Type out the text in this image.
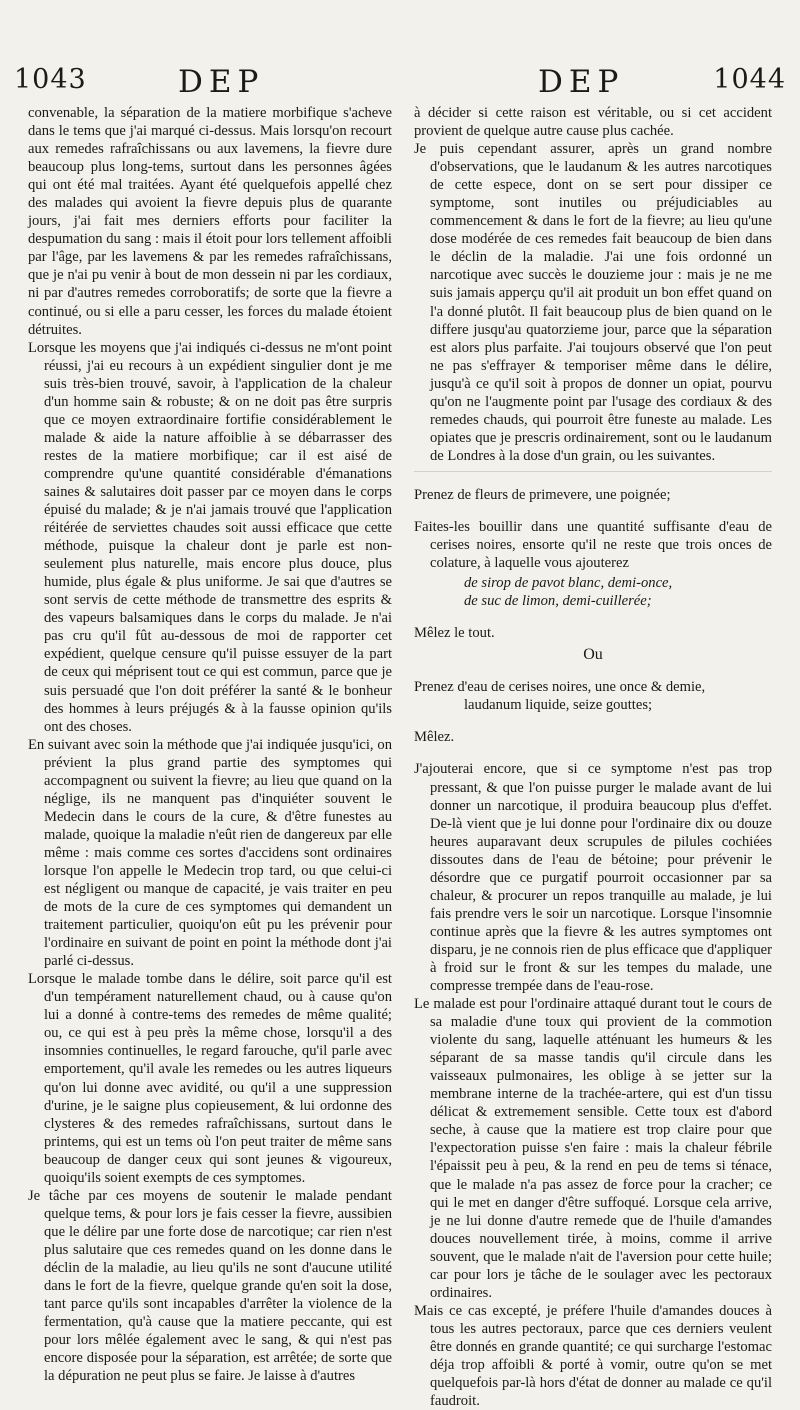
1043	DEP	DEP	1044

convenable, la séparation de la matiere morbifique s'acheve dans le tems que j'ai marqué ci-dessus. Mais lorsqu'on recourt aux remedes rafraîchissans ou aux lavemens, la fievre dure beaucoup plus long-tems, surtout dans les personnes âgées qui ont été mal traitées. Ayant été quelquefois appellé chez des malades qui avoient la fievre depuis plus de quarante jours, j'ai fait mes derniers efforts pour faciliter la despumation du sang : mais il étoit pour lors tellement affoibli par l'âge, par les lavemens & par les remedes rafraîchissans, que je n'ai pu venir à bout de mon dessein ni par les cordiaux, ni par d'autres remedes corroboratifs; de sorte que la fievre a continué, ou si elle a paru cesser, les forces du malade étoient détruites.

Lorsque les moyens que j'ai indiqués ci-dessus ne m'ont point réussi, j'ai eu recours à un expédient singulier dont je me suis très-bien trouvé, savoir, à l'application de la chaleur d'un homme sain & robuste; & on ne doit pas être surpris que ce moyen extraordinaire fortifie considérablement le malade & aide la nature affoiblie à se débarrasser des restes de la matiere morbifique; car il est aisé de comprendre qu'une quantité considérable d'émanations saines & salutaires doit passer par ce moyen dans le corps épuisé du malade; & je n'ai jamais trouvé que l'application réitérée de serviettes chaudes soit aussi efficace que cette méthode, puisque la chaleur dont je parle est non-seulement plus naturelle, mais encore plus douce, plus humide, plus égale & plus uniforme. Je sai que d'autres se sont servis de cette méthode de transmettre des esprits & des vapeurs balsamiques dans le corps du malade. Je n'ai pas cru qu'il fût au-dessous de moi de rapporter cet expédient, quelque censure qu'il puisse essuyer de la part de ceux qui méprisent tout ce qui est commun, parce que je suis persuadé que l'on doit préférer la santé & le bonheur des hommes à leurs préjugés & à la fausse opinion qu'ils ont des choses.

En suivant avec soin la méthode que j'ai indiquée jusqu'ici, on prévient la plus grand partie des symptomes qui accompagnent ou suivent la fievre; au lieu que quand on la néglige, ils ne manquent pas d'inquiéter souvent le Medecin dans le cours de la cure, & d'être funestes au malade, quoique la maladie n'eût rien de dangereux par elle même : mais comme ces sortes d'accidens sont ordinaires lorsque l'on appelle le Medecin trop tard, ou que celui-ci est négligent ou manque de capacité, je vais traiter en peu de mots de la cure de ces symptomes qui demandent un traitement particulier, quoiqu'on eût pu les prévenir pour l'ordinaire en suivant de point en point la méthode dont j'ai parlé ci-dessus.

Lorsque le malade tombe dans le délire, soit parce qu'il est d'un tempérament naturellement chaud, ou à cause qu'on lui a donné à contre-tems des remedes de même qualité; ou, ce qui est à peu près la même chose, lorsqu'il a des insomnies continuelles, le regard farouche, qu'il parle avec emportement, qu'il avale les remedes ou les autres liqueurs qu'on lui donne avec avidité, ou qu'il a une suppression d'urine, je le saigne plus copieusement, & lui ordonne des clysteres & des remedes rafraîchissans, surtout dans le printems, qui est un tems où l'on peut traiter de même sans beaucoup de danger ceux qui sont jeunes & vigoureux, quoiqu'ils soient exempts de ces symptomes.

Je tâche par ces moyens de soutenir le malade pendant quelque tems, & pour lors je fais cesser la fievre, aussibien que le délire par une forte dose de narcotique; car rien n'est plus salutaire que ces remedes quand on les donne dans le déclin de la maladie, au lieu qu'ils ne sont d'aucune utilité dans le fort de la fievre, quelque grande qu'en soit la dose, tant parce qu'ils sont incapables d'arrêter la violence de la fermentation, qu'à cause que la matiere peccante, qui est pour lors mêlée également avec le sang, & qui n'est pas encore disposée pour la séparation, est arrêtée; de sorte que la dépuration ne peut plus se faire. Je laisse à d'autres

à décider si cette raison est véritable, ou si cet accident provient de quelque autre cause plus cachée.

Je puis cependant assurer, après un grand nombre d'observations, que le laudanum & les autres narcotiques de cette espece, dont on se sert pour dissiper ce symptome, sont inutiles ou préjudiciables au commencement & dans le fort de la fievre; au lieu qu'une dose modérée de ces remedes fait beaucoup de bien dans le déclin de la maladie. J'ai une fois ordonné un narcotique avec succès le douzieme jour : mais je ne me suis jamais apperçu qu'il ait produit un bon effet quand on l'a donné plutôt. Il fait beaucoup plus de bien quand on le differe jusqu'au quatorzieme jour, parce que la séparation est alors plus parfaite. J'ai toujours observé que l'on peut ne pas s'effrayer & temporiser même dans le délire, jusqu'à ce qu'il soit à propos de donner un opiat, pourvu qu'on ne l'augmente point par l'usage des cordiaux & des remedes chauds, qui pourroit être funeste au malade. Les opiates que je prescris ordinairement, sont ou le laudanum de Londres à la dose d'un grain, ou les suivantes.

Prenez de fleurs de primevere, une poignée;

Faites-les bouillir dans une quantité suffisante d'eau de cerises noires, ensorte qu'il ne reste que trois onces de colature, à laquelle vous ajouterez

de sirop de pavot blanc, demi-once,
de suc de limon, demi-cuillerée;

Mêlez le tout.

Ou

Prenez d'eau de cerises noires, une once & demie,

laudanum liquide, seize gouttes;

Mêlez.

J'ajouterai encore, que si ce symptome n'est pas trop pressant, & que l'on puisse purger le malade avant de lui donner un narcotique, il produira beaucoup plus d'effet. De-là vient que je lui donne pour l'ordinaire dix ou douze heures auparavant deux scrupules de pilules cochiées dissoutes dans de l'eau de bétoine; pour prévenir le désordre que ce purgatif pourroit occasionner par sa chaleur, & procurer un repos tranquille au malade, je lui fais prendre vers le soir un narcotique. Lorsque l'insomnie continue après que la fievre & les autres symptomes ont disparu, je ne connois rien de plus efficace que d'appliquer à froid sur le front & sur les tempes du malade, une compresse trempée dans de l'eau-rose.

Le malade est pour l'ordinaire attaqué durant tout le cours de sa maladie d'une toux qui provient de la commotion violente du sang, laquelle atténuant les humeurs & les séparant de sa masse tandis qu'il circule dans les vaisseaux pulmonaires, les oblige à se jetter sur la membrane interne de la trachée-artere, qui est d'un tissu délicat & extremement sensible. Cette toux est d'abord seche, à cause que la matiere est trop claire pour que l'expectoration puisse s'en faire : mais la chaleur fébrile l'épaissit peu à peu, & la rend en peu de tems si ténace, que le malade n'a pas assez de force pour la cracher; ce qui le met en danger d'être suffoqué. Lorsque cela arrive, je ne lui donne d'autre remede que de l'huile d'amandes douces nouvellement tirée, à moins, comme il arrive souvent, que le malade n'ait de l'aversion pour cette huile; car pour lors je tâche de le soulager avec les pectoraux ordinaires.

Mais ce cas excepté, je préfere l'huile d'amandes douces à tous les autres pectoraux, parce que ces derniers veulent être donnés en grande quantité; ce qui surcharge l'estomac déja trop affoibli & porté à vomir, outre qu'on se met quelquefois par-là hors d'état de donner au malade ce qu'il faudroit.
